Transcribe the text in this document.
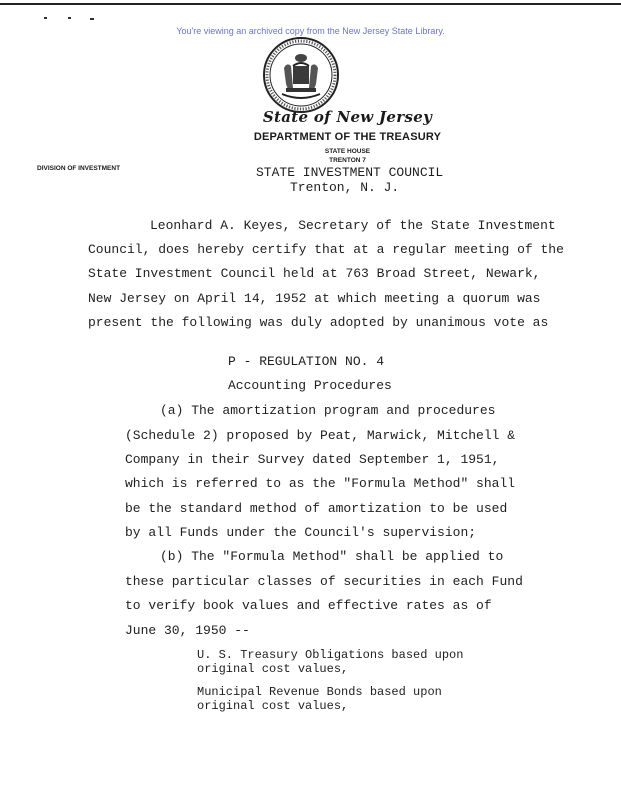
You're viewing an archived copy from the New Jersey State Library.
State of New Jersey
DEPARTMENT OF THE TREASURY
STATE HOUSE
TRENTON 7
DIVISION OF INVESTMENT	STATE INVESTMENT COUNCIL
Trenton, N. J.
Leonhard A. Keyes, Secretary of the State Investment
Council, does hereby certify that at a regular meeting of the
State Investment Council held at 763 Broad Street, Newark,
New Jersey on April 14, 1952 at which meeting a quorum was
present the following was duly adopted by unanimous vote as
P - REGULATION NO. 4
Accounting Procedures
(a) The amortization program and procedures
(Schedule 2) proposed by Peat, Marwick, Mitchell &
Company in their Survey dated September 1, 1951,
which is referred to as the "Formula Method" shall
be the standard method of amortization to be used
by all Funds under the Council's supervision;
(b) The "Formula Method" shall be applied to
these particular classes of securities in each Fund
to verify book values and effective rates as of
June 30, 1950 --
U. S. Treasury Obligations based upon
original cost values,
Municipal Revenue Bonds based upon
original cost values,
